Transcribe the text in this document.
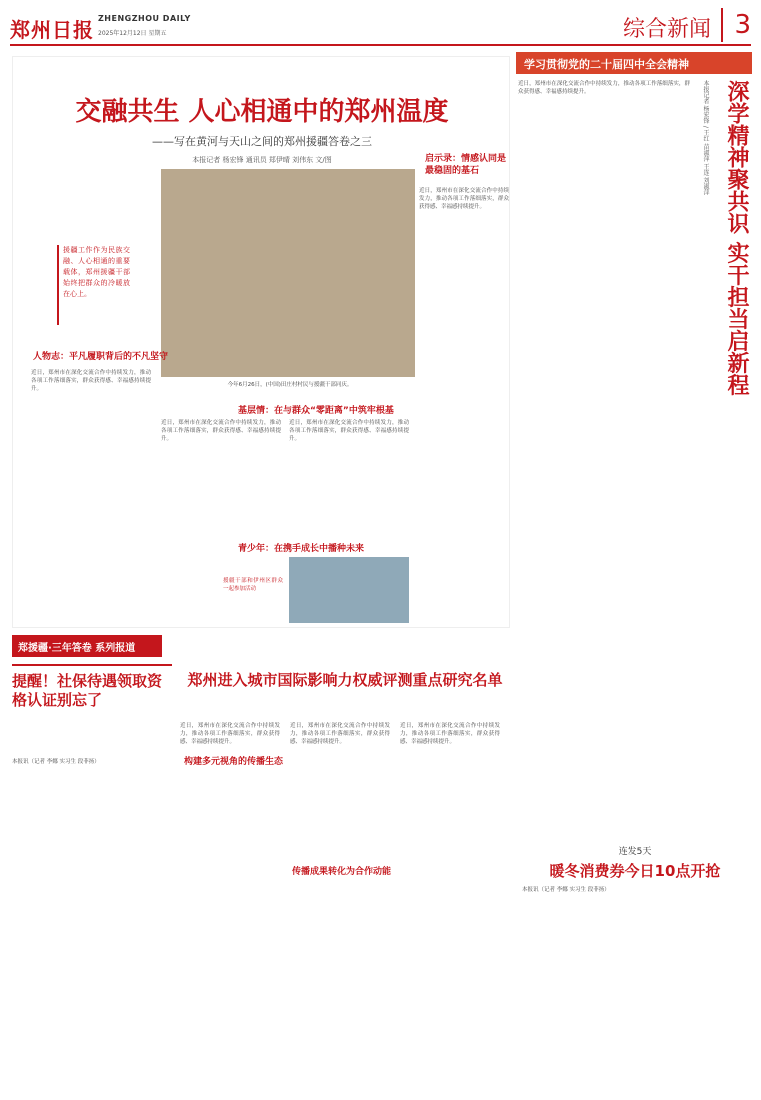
郑州日报 ZHENGZHOU DAILY
2025年12月12日 星期五	综合新闻 3
交融共生 人心相通中的郑州温度
——写在黄河与天山之间的郑州援疆答卷之三
本报记者 杨宏锋 通讯员 郑伊晴 刘伟东 文/图
援疆工作作为民族交融、人心相通的重要载体，郑州援疆干部始终把群众的冷暖放在心上。
今年6月26日，(中国)田庄村村民与援疆干部同庆。
人物志：平凡履职背后的不凡坚守
启示录：情感认同是最稳固的基石
基层情：在与群众“零距离”中筑牢根基
青少年：在携手成长中播种未来
近日，郑州市在深化交流合作中持续发力，推动各项工作落细落实，群众获得感、幸福感持续提升。
近日，郑州市在深化交流合作中持续发力，推动各项工作落细落实，群众获得感、幸福感持续提升。
近日，郑州市在深化交流合作中持续发力，推动各项工作落细落实，群众获得感、幸福感持续提升。
近日，郑州市在深化交流合作中持续发力，推动各项工作落细落实，群众获得感、幸福感持续提升。
援疆干部和伊州区群众一起参加活动
郑援疆·三年答卷 系列报道
学习贯彻党的二十届四中全会精神
深学精神聚共识 实干担当启新程
本报记者 杨宏锋 / 王红 苗淑萍 王连 刘淑萍
近日，郑州市在深化交流合作中持续发力，推动各项工作落细落实，群众获得感、幸福感持续提升。
提醒！社保待遇领取资格认证别忘了
本报讯（记者 李娜 实习生 段菲扬）
郑州进入城市国际影响力权威评测重点研究名单
构建多元视角的传播生态
传播成果转化为合作动能
近日，郑州市在深化交流合作中持续发力，推动各项工作落细落实，群众获得感、幸福感持续提升。
近日，郑州市在深化交流合作中持续发力，推动各项工作落细落实，群众获得感、幸福感持续提升。
近日，郑州市在深化交流合作中持续发力，推动各项工作落细落实，群众获得感、幸福感持续提升。
连发5天
暖冬消费券今日10点开抢
本报讯（记者 李娜 实习生 段菲扬）
